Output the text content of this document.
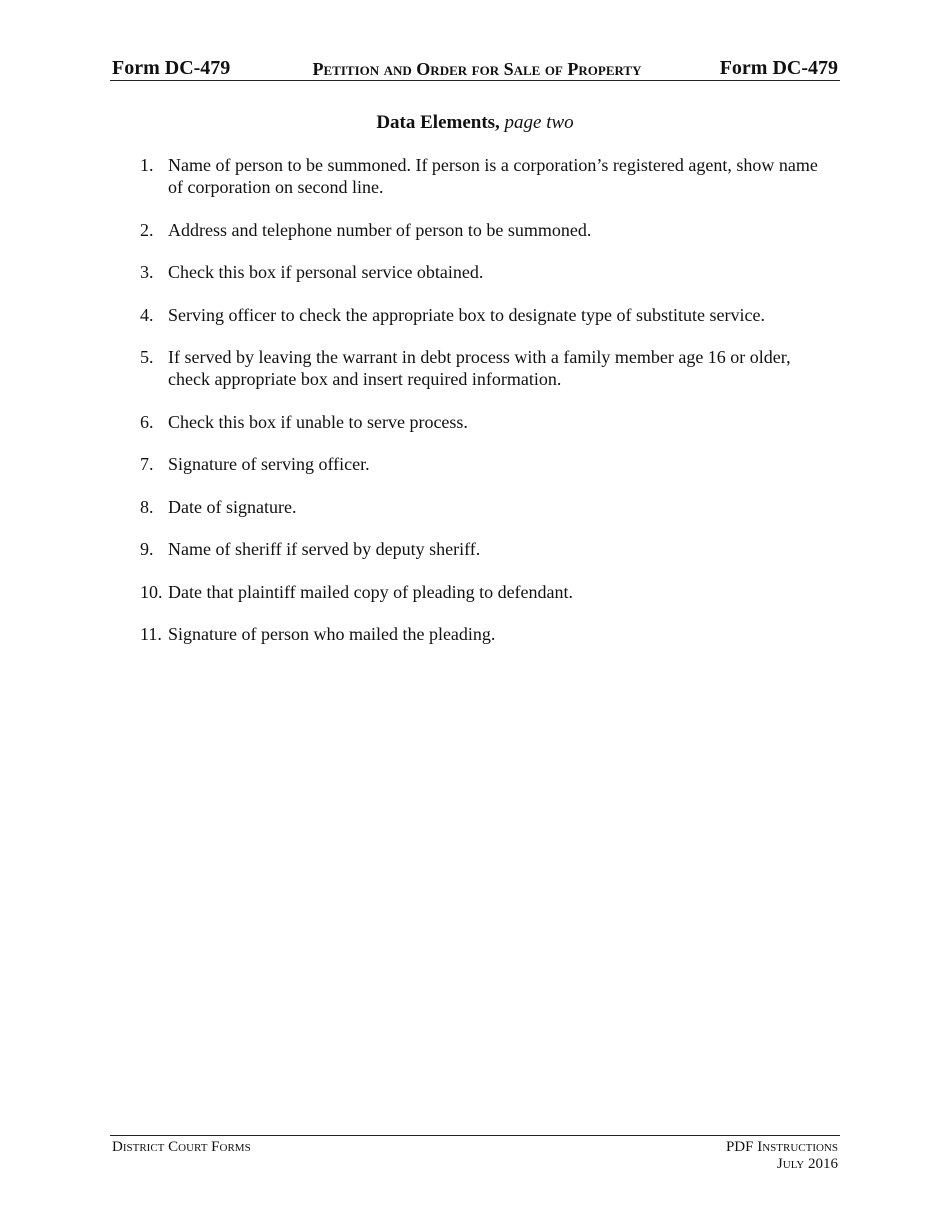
Form DC-479	Petition and Order for Sale of Property	Form DC-479
Data Elements, page two
1. Name of person to be summoned. If person is a corporation’s registered agent, show name of corporation on second line.
2. Address and telephone number of person to be summoned.
3. Check this box if personal service obtained.
4. Serving officer to check the appropriate box to designate type of substitute service.
5. If served by leaving the warrant in debt process with a family member age 16 or older, check appropriate box and insert required information.
6. Check this box if unable to serve process.
7. Signature of serving officer.
8. Date of signature.
9. Name of sheriff if served by deputy sheriff.
10. Date that plaintiff mailed copy of pleading to defendant.
11. Signature of person who mailed the pleading.
District Court Forms	PDF Instructions
July 2016
